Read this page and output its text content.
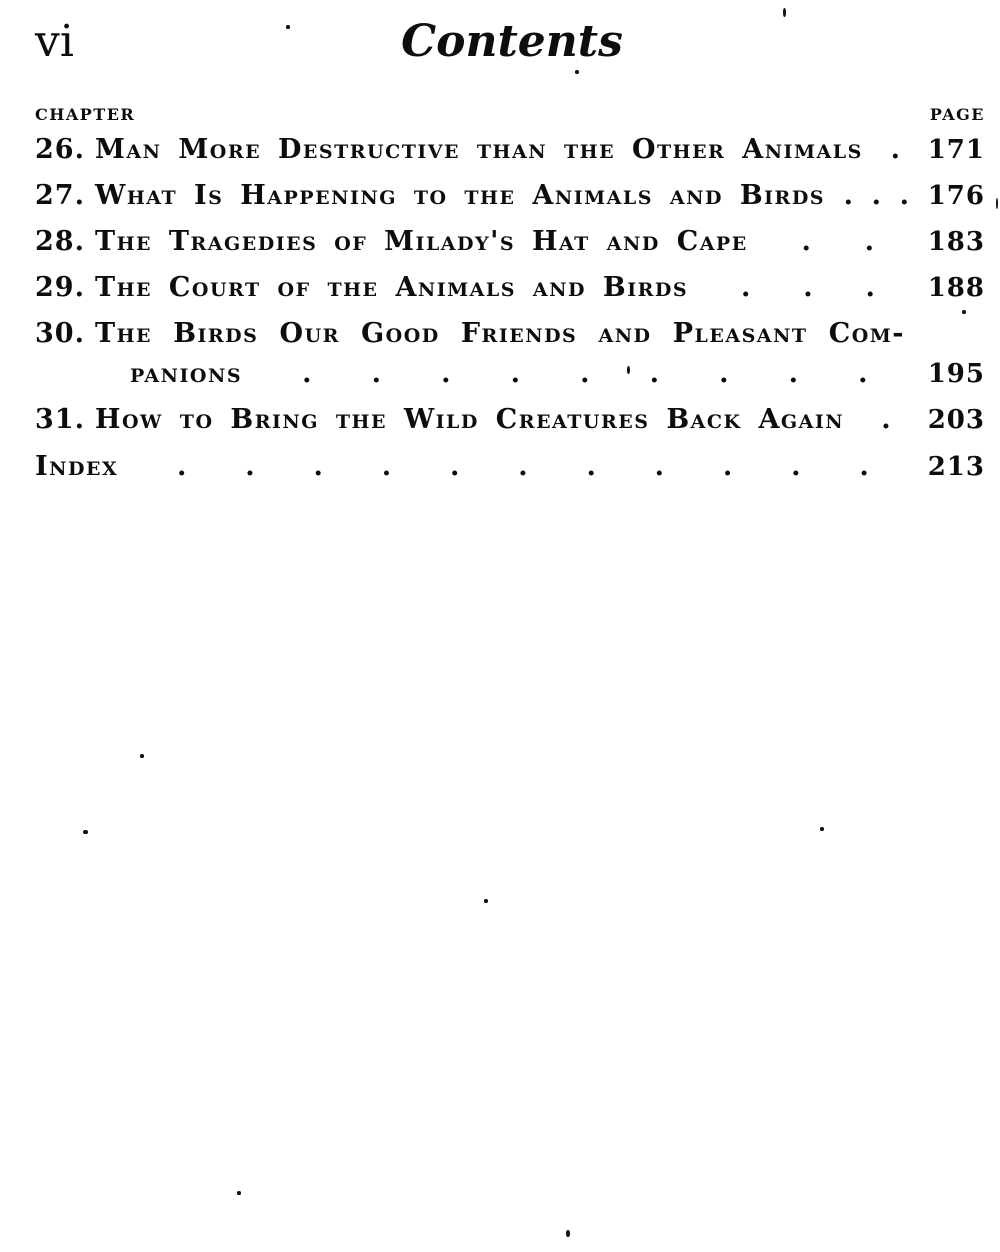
vi	Contents
CHAPTER	PAGE
26. Man More Destructive than the Other Animals . 171
27. What Is Happening to the Animals and Birds . . . 176
28. The Tragedies of Milady's Hat and Cape . . 183
29. The Court of the Animals and Birds . . . 188
30. The Birds Our Good Friends and Pleasant Com-
panions . . . . . . . . . 195
31. How to Bring the Wild Creatures Back Again . 203
Index . . . . . . . . . . . 213
